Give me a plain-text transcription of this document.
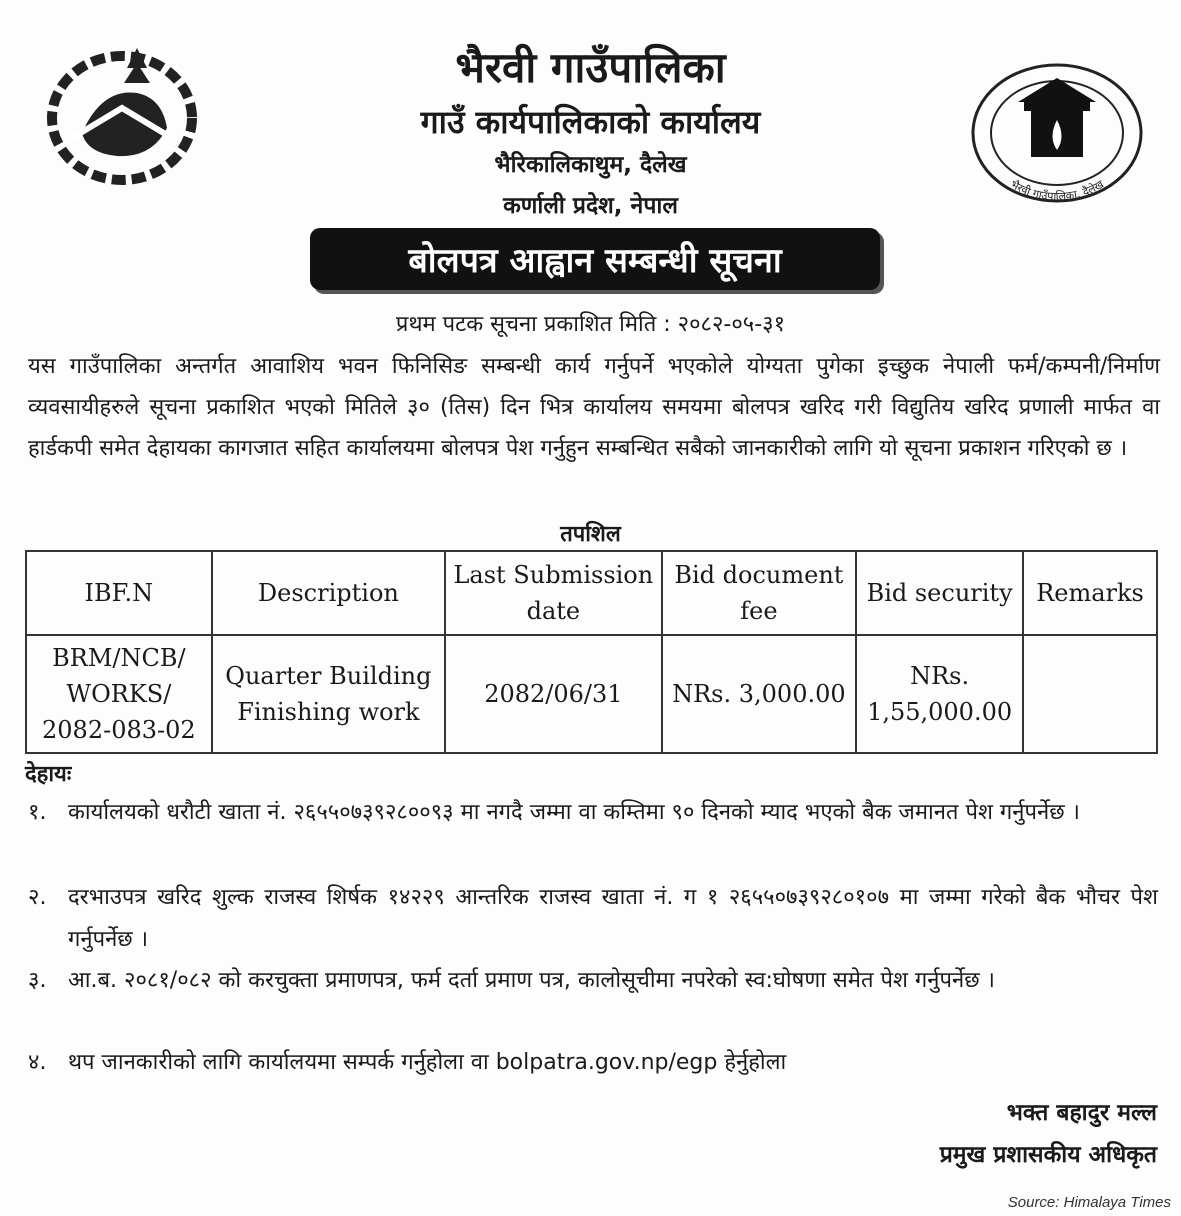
भैरवी गाउँपालिका, दैलेख
भैरवी गाउँपालिका
गाउँ कार्यपालिकाको कार्यालय
भैरिकालिकाथुम, दैलेख
कर्णाली प्रदेश, नेपाल
बोलपत्र आह्वान सम्बन्धी सूचना
प्रथम पटक सूचना प्रकाशित मिति : २०८२-०५-३१
यस गाउँपालिका अन्तर्गत आवाशिय भवन फिनिसिङ सम्बन्धी कार्य गर्नुपर्ने भएकोले योग्यता पुगेका इच्छुक नेपाली फर्म/कम्पनी/निर्माण व्यवसायीहरुले सूचना प्रकाशित भएको मितिले ३० (तिस) दिन भित्र कार्यालय समयमा बोलपत्र खरिद गरी विद्युतिय खरिद प्रणाली मार्फत वा हार्डकपी समेत देहायका कागजात सहित कार्यालयमा बोलपत्र पेश गर्नुहुन सम्बन्धित सबैको जानकारीको लागि यो सूचना प्रकाशन गरिएको छ ।
तपशिल
IBF.N	Description	Last Submission date	Bid document fee	Bid security	Remarks
BRM/NCB/ WORKS/ 2082-083-02	Quarter Building Finishing work	2082/06/31	NRs. 3,000.00	NRs. 1,55,000.00	
देहायः
१. कार्यालयको धरौटी खाता नं. २६५५०७३९२८००९३ मा नगदै जम्मा वा कम्तिमा ९० दिनको म्याद भएको बैक जमानत पेश गर्नुपर्नेछ ।
२. दरभाउपत्र खरिद शुल्क राजस्व शिर्षक १४२२९ आन्तरिक राजस्व खाता नं. ग १ २६५५०७३९२८०१०७ मा जम्मा गरेको बैक भौचर पेश गर्नुपर्नेछ ।
३. आ.ब. २०८१/०८२ को करचुक्ता प्रमाणपत्र, फर्म दर्ता प्रमाण पत्र, कालोसूचीमा नपरेको स्व:घोषणा समेत पेश गर्नुपर्नेछ ।
४. थप जानकारीको लागि कार्यालयमा सम्पर्क गर्नुहोला वा bolpatra.gov.np/egp हेर्नुहोला
भक्त बहादुर मल्ल
प्रमुख प्रशासकीय अधिकृत
Source: Himalaya Times
